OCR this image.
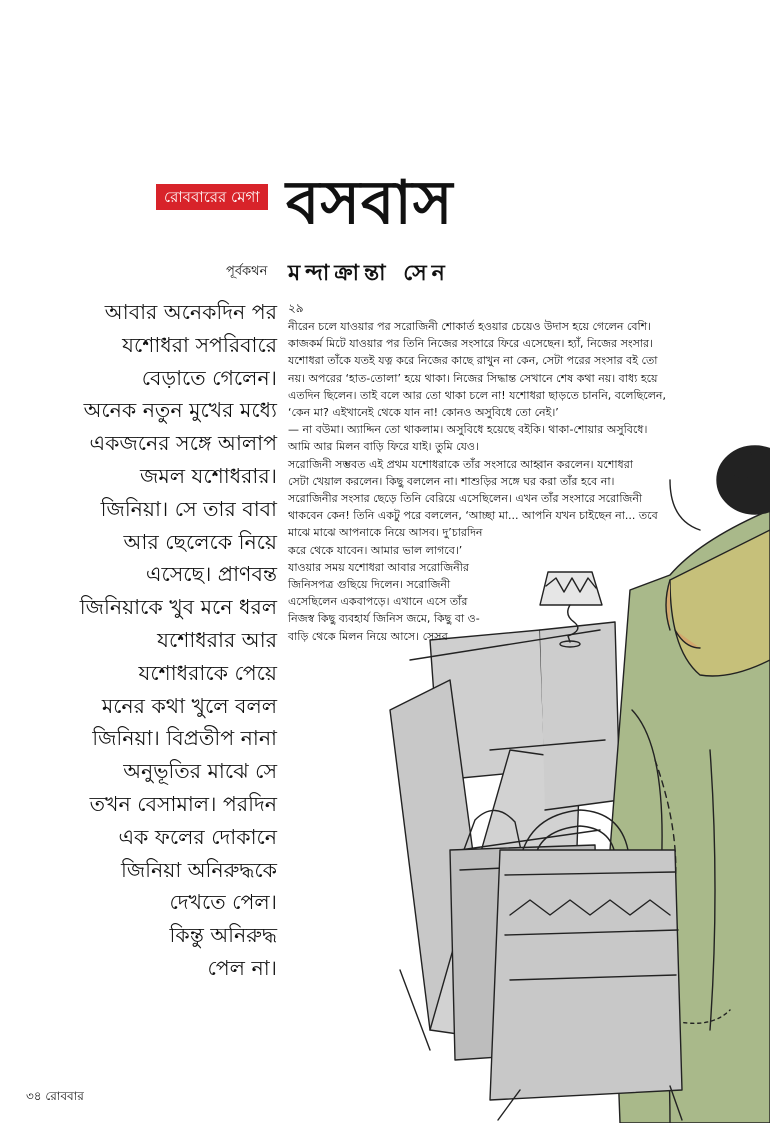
রোববারের মেগা বসবাস
পূর্বকথন মন্দাক্রান্তা সেন
আবার অনেকদিন পর
যশোধরা সপরিবারে
বেড়াতে গেলেন।
অনেক নতুন মুখের মধ্যে
একজনের সঙ্গে আলাপ
জমল যশোধরার।
জিনিয়া। সে তার বাবা
আর ছেলেকে নিয়ে
এসেছে। প্রাণবন্ত
জিনিয়াকে খুব মনে ধরল
যশোধরার আর
যশোধরাকে পেয়ে
মনের কথা খুলে বলল
জিনিয়া। বিপ্রতীপ নানা
অনুভূতির মাঝে সে
তখন বেসামাল। পরদিন
এক ফলের দোকানে
জিনিয়া অনিরুদ্ধকে
দেখতে পেল।
কিন্তু অনিরুদ্ধ
পেল না।
২৯
নীরেন চলে যাওয়ার পর সরোজিনী শোকার্ত হওয়ার চেয়েও উদাস হয়ে গেলেন বেশি।
কাজকর্ম মিটে যাওয়ার পর তিনি নিজের সংসারে ফিরে এসেছেন। হ্যাঁ, নিজের সংসার।
যশোধরা তাঁকে যতই যত্ন করে নিজের কাছে রাখুন না কেন, সেটা পরের সংসার বই তো
নয়। অপরের ‘হাত-তোলা’ হয়ে থাকা। নিজের সিদ্ধান্ত সেখানে শেষ কথা নয়। বাধ্য হয়ে
এতদিন ছিলেন। তাই বলে আর তো থাকা চলে না! যশোধরা ছাড়তে চাননি, বলেছিলেন,
‘কেন মা? এইখানেই থেকে যান না! কোনও অসুবিধে তো নেই।’
— না বউমা। অ্যাদ্দিন তো থাকলাম। অসুবিধে হয়েছে বইকি। থাকা-শোয়ার অসুবিধে।
আমি আর মিলন বাড়ি ফিরে যাই। তুমি যেও।
সরোজিনী সম্ভবত এই প্রথম যশোধরাকে তাঁর সংসারে আহ্বান করলেন। যশোধরা
সেটা খেয়াল করলেন। কিছু বললেন না। শাশুড়ির সঙ্গে ঘর করা তাঁর হবে না।
সরোজিনীর সংসার ছেড়ে তিনি বেরিয়ে এসেছিলেন। এখন তাঁর সংসারে সরোজিনী
থাকবেন কেন! তিনি একটু পরে বললেন, ‘আচ্ছা মা... আপনি যখন চাইছেন না... তবে
মাঝে মাঝে আপনাকে নিয়ে আসব। দু’চারদিন
করে থেকে যাবেন। আমার ভাল লাগবে।’
যাওয়ার সময় যশোধরা আবার সরোজিনীর
জিনিসপত্র গুছিয়ে দিলেন। সরোজিনী
এসেছিলেন একবাপড়ে। এখানে এসে তাঁর
নিজস্ব কিছু ব্যবহার্য জিনিস জমে, কিছু বা ও-
বাড়ি থেকে মিলন নিয়ে আসে। সেসব
৩৪ রোববার
